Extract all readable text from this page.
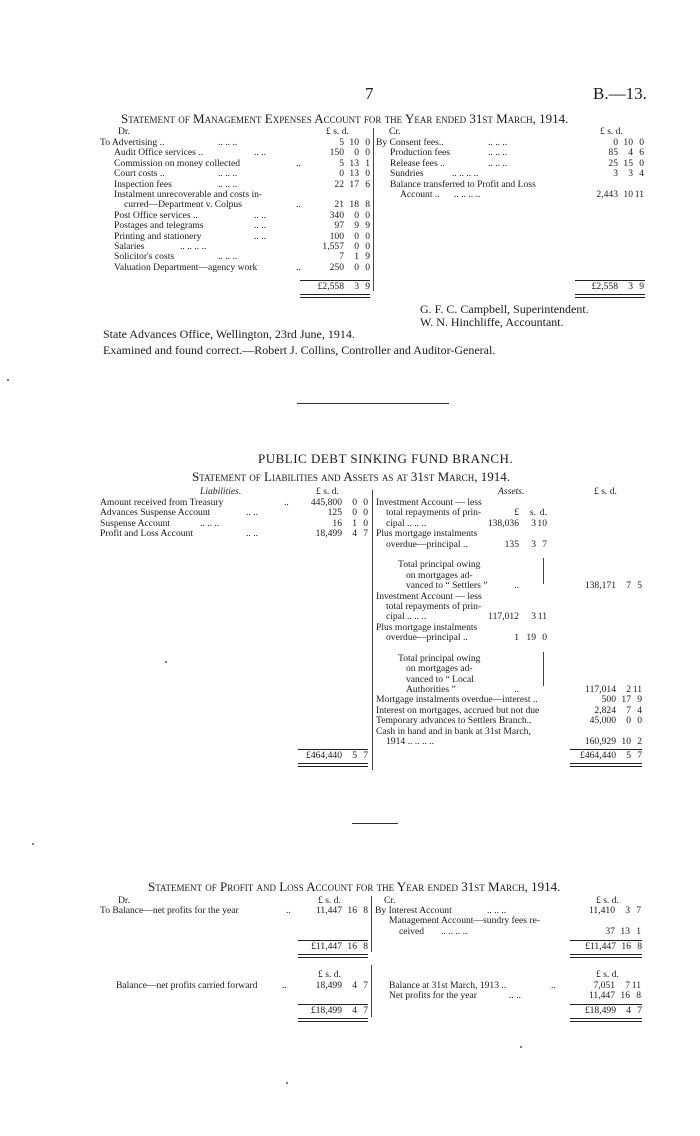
7	B.—13.
Statement of Management Expenses Account for the Year ended 31st March, 1914.
Dr.	£ s. d.	Cr.	£ s. d.
To Advertising ..	.. .. ..	5 10 0
Audit Office services ..	.. ..	150 0 0
Commission on money collected	..	5 13 1
Court costs ..	.. .. ..	0 13 0
Inspection fees	.. .. ..	22 17 6
Instalment unrecoverable and costs in-
curred—Department v. Colpus	..	21 18 8
Post Office services ..	.. ..	340 0 0
Postages and telegrams	.. ..	97 9 9
Printing and stationery	.. ..	100 0 0
Salaries	.. .. .. ..	1,557 0 0
Solicitor's costs	.. .. ..	7 1 9
Valuation Department—agency work	..	250 0 0
By Consent fees..	.. .. ..	0 10 0
Production fees	.. .. ..	85 4 6
Release fees ..	.. .. ..	25 15 0
Sundries	.. .. .. ..	3 3 4
Balance transferred to Profit and Loss
Account .. .. .. .. ..	2,443 10 11
£2,558 3 9	£2,558 3 9
G. F. C. Campbell, Superintendent.
W. N. Hinchliffe, Accountant.
State Advances Office, Wellington, 23rd June, 1914.
Examined and found correct.—Robert J. Collins, Controller and Auditor-General.
PUBLIC DEBT SINKING FUND BRANCH.
Statement of Liabilities and Assets as at 31st March, 1914.
Liabilities.	£ s. d.	Assets.	£ s. d.
Amount received from Treasury	.. 445,800 0 0
Advances Suspense Account	.. ..	125 0 0
Suspense Account	.. .. ..	16 1 0
Profit and Loss Account	.. ..	18,499 4 7
Investment Account — less
total repayments of prin-	£ s. d.
cipal .. .. ..	138,036 3 10
Plus mortgage instalments
overdue—principal ..	135 3 7
Total principal owing
on mortgages ad-
vanced to “ Settlers ”	..	138,171 7 5
Investment Account — less
total repayments of prin-
cipal .. .. ..	117,012 3 11
Plus mortgage instalments
overdue—principal ..	1 19 0
Total principal owing
on mortgages ad-
vanced to “ Local
Authorities ”	..	117,014 2 11
Mortgage instalments overdue—interest ..	500 17 9
Interest on mortgages, accrued but not due	2,824 7 4
Temporary advances to Settlers Branch..	45,000 0 0
Cash in hand and in bank at 31st March,
1914 .. .. .. ..	160,929 10 2
£464,440 5 7	£464,440 5 7
Statement of Profit and Loss Account for the Year ended 31st March, 1914.
Dr.	£ s. d.	Cr.	£ s. d.
To Balance—net profits for the year	..	11,447 16 8 By Interest Account	.. .. ..	11,410 3 7
Management Account—sundry fees re-
ceived .. .. .. ..	37 13 1
£11,447 16 8	£11,447 16 8
£ s. d.	£ s. d.
Balance—net profits carried forward	..	18,499 4 7 Balance at 31st March, 1913 ..	..	7,051 7 11
Net profits for the year	.. ..	11,447 16 8
£18,499 4 7	£18,499 4 7
